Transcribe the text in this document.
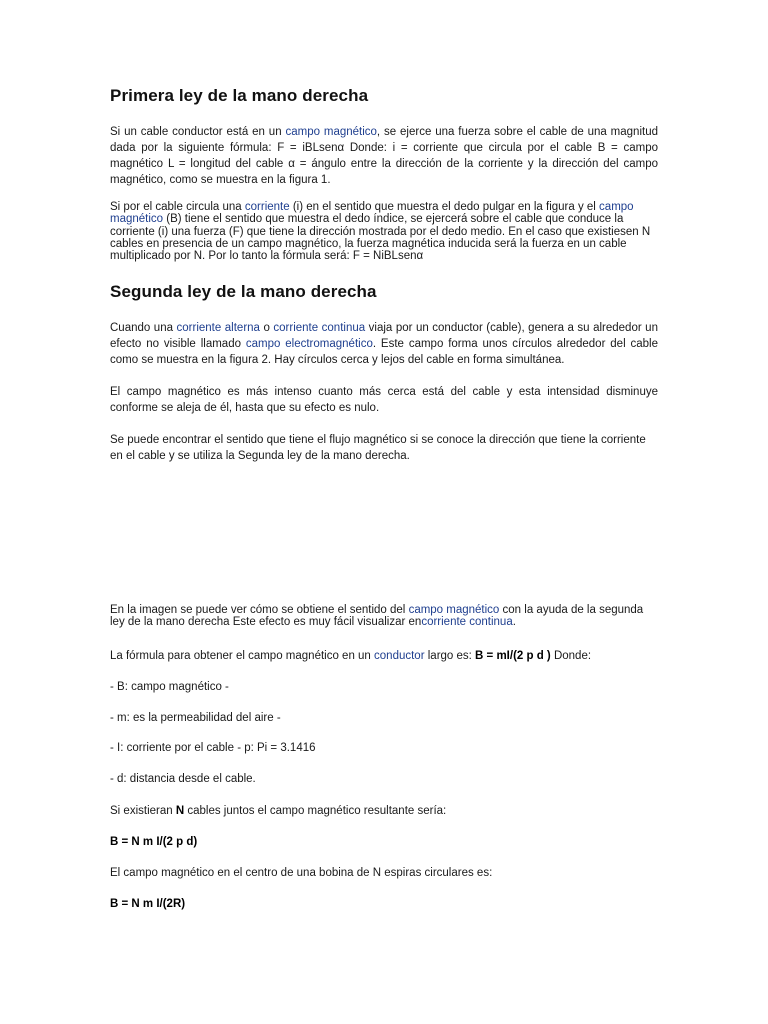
Primera ley de la mano derecha

Si un cable conductor está en un campo magnético, se ejerce una fuerza sobre el cable de una magnitud dada por la siguiente fórmula: F = iBLsenα Donde: i = corriente que circula por el cable B = campo magnético L = longitud del cable α = ángulo entre la dirección de la corriente y la dirección del campo magnético, como se muestra en la figura 1.

Si por el cable circula una corriente (i) en el sentido que muestra el dedo pulgar en la figura y el campo magnético (B) tiene el sentido que muestra el dedo índice, se ejercerá sobre el cable que conduce la corriente (i) una fuerza (F) que tiene la dirección mostrada por el dedo medio. En el caso que existiesen N cables en presencia de un campo magnético, la fuerza magnética inducida será la fuerza en un cable multiplicado por N. Por lo tanto la fórmula será: F = NiBLsenα

Segunda ley de la mano derecha

Cuando una corriente alterna o corriente continua viaja por un conductor (cable), genera a su alrededor un efecto no visible llamado campo electromagnético. Este campo forma unos círculos alrededor del cable como se muestra en la figura 2. Hay círculos cerca y lejos del cable en forma simultánea.

El campo magnético es más intenso cuanto más cerca está del cable y esta intensidad disminuye conforme se aleja de él, hasta que su efecto es nulo.

Se puede encontrar el sentido que tiene el flujo magnético si se conoce la dirección que tiene la corriente en el cable y se utiliza la Segunda ley de la mano derecha.

En la imagen se puede ver cómo se obtiene el sentido del campo magnético con la ayuda de la segunda ley de la mano derecha Este efecto es muy fácil visualizar encorriente continua.

La fórmula para obtener el campo magnético en un conductor largo es: B = mI/(2 p d ) Donde:

- B: campo magnético -

- m: es la permeabilidad del aire -

- I: corriente por el cable - p: Pi = 3.1416

- d: distancia desde el cable.

Si existieran N cables juntos el campo magnético resultante sería:

B = N m I/(2 p d)

El campo magnético en el centro de una bobina de N espiras circulares es:

B = N m I/(2R)
